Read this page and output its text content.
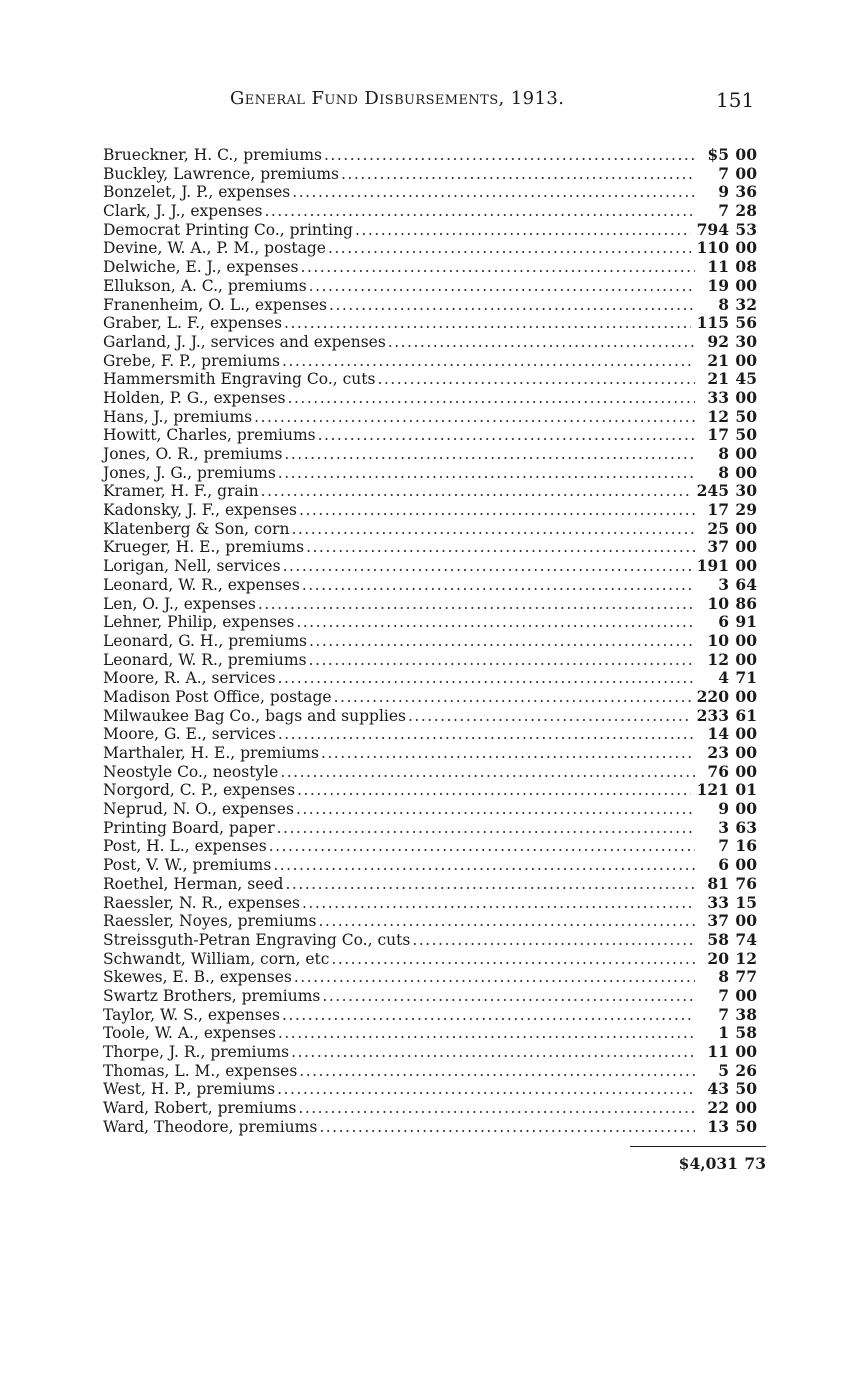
General Fund Disbursements, 1913.	151
Brueckner, H. C., premiums .....	$5 00
Buckley, Lawrence, premiums .....	7 00
Bonzelet, J. P., expenses .....	9 36
Clark, J. J., expenses .....	7 28
Democrat Printing Co., printing .....	794 53
Devine, W. A., P. M., postage .....	110 00
Delwiche, E. J., expenses .....	11 08
Ellukson, A. C., premiums .....	19 00
Franenheim, O. L., expenses .....	8 32
Graber, L. F., expenses .....	115 56
Garland, J. J., services and expenses .....	92 30
Grebe, F. P., premiums .....	21 00
Hammersmith Engraving Co., cuts .....	21 45
Holden, P. G., expenses .....	33 00
Hans, J., premiums .....	12 50
Howitt, Charles, premiums .....	17 50
Jones, O. R., premiums .....	8 00
Jones, J. G., premiums .....	8 00
Kramer, H. F., grain .....	245 30
Kadonsky, J. F., expenses .....	17 29
Klatenberg & Son, corn .....	25 00
Krueger, H. E., premiums .....	37 00
Lorigan, Nell, services .....	191 00
Leonard, W. R., expenses .....	3 64
Len, O. J., expenses .....	10 86
Lehner, Philip, expenses .....	6 91
Leonard, G. H., premiums .....	10 00
Leonard, W. R., premiums .....	12 00
Moore, R. A., services .....	4 71
Madison Post Office, postage .....	220 00
Milwaukee Bag Co., bags and supplies .....	233 61
Moore, G. E., services .....	14 00
Marthaler, H. E., premiums .....	23 00
Neostyle Co., neostyle .....	76 00
Norgord, C. P., expenses .....	121 01
Neprud, N. O., expenses .....	9 00
Printing Board, paper .....	3 63
Post, H. L., expenses .....	7 16
Post, V. W., premiums .....	6 00
Roethel, Herman, seed .....	81 76
Raessler, N. R., expenses .....	33 15
Raessler, Noyes, premiums .....	37 00
Streissguth-Petran Engraving Co., cuts .....	58 74
Schwandt, William, corn, etc .....	20 12
Skewes, E. B., expenses .....	8 77
Swartz Brothers, premiums .....	7 00
Taylor, W. S., expenses .....	7 38
Toole, W. A., expenses .....	1 58
Thorpe, J. R., premiums .....	11 00
Thomas, L. M., expenses .....	5 26
West, H. P., premiums .....	43 50
Ward, Robert, premiums .....	22 00
Ward, Theodore, premiums .....	13 50
$4,031 73
